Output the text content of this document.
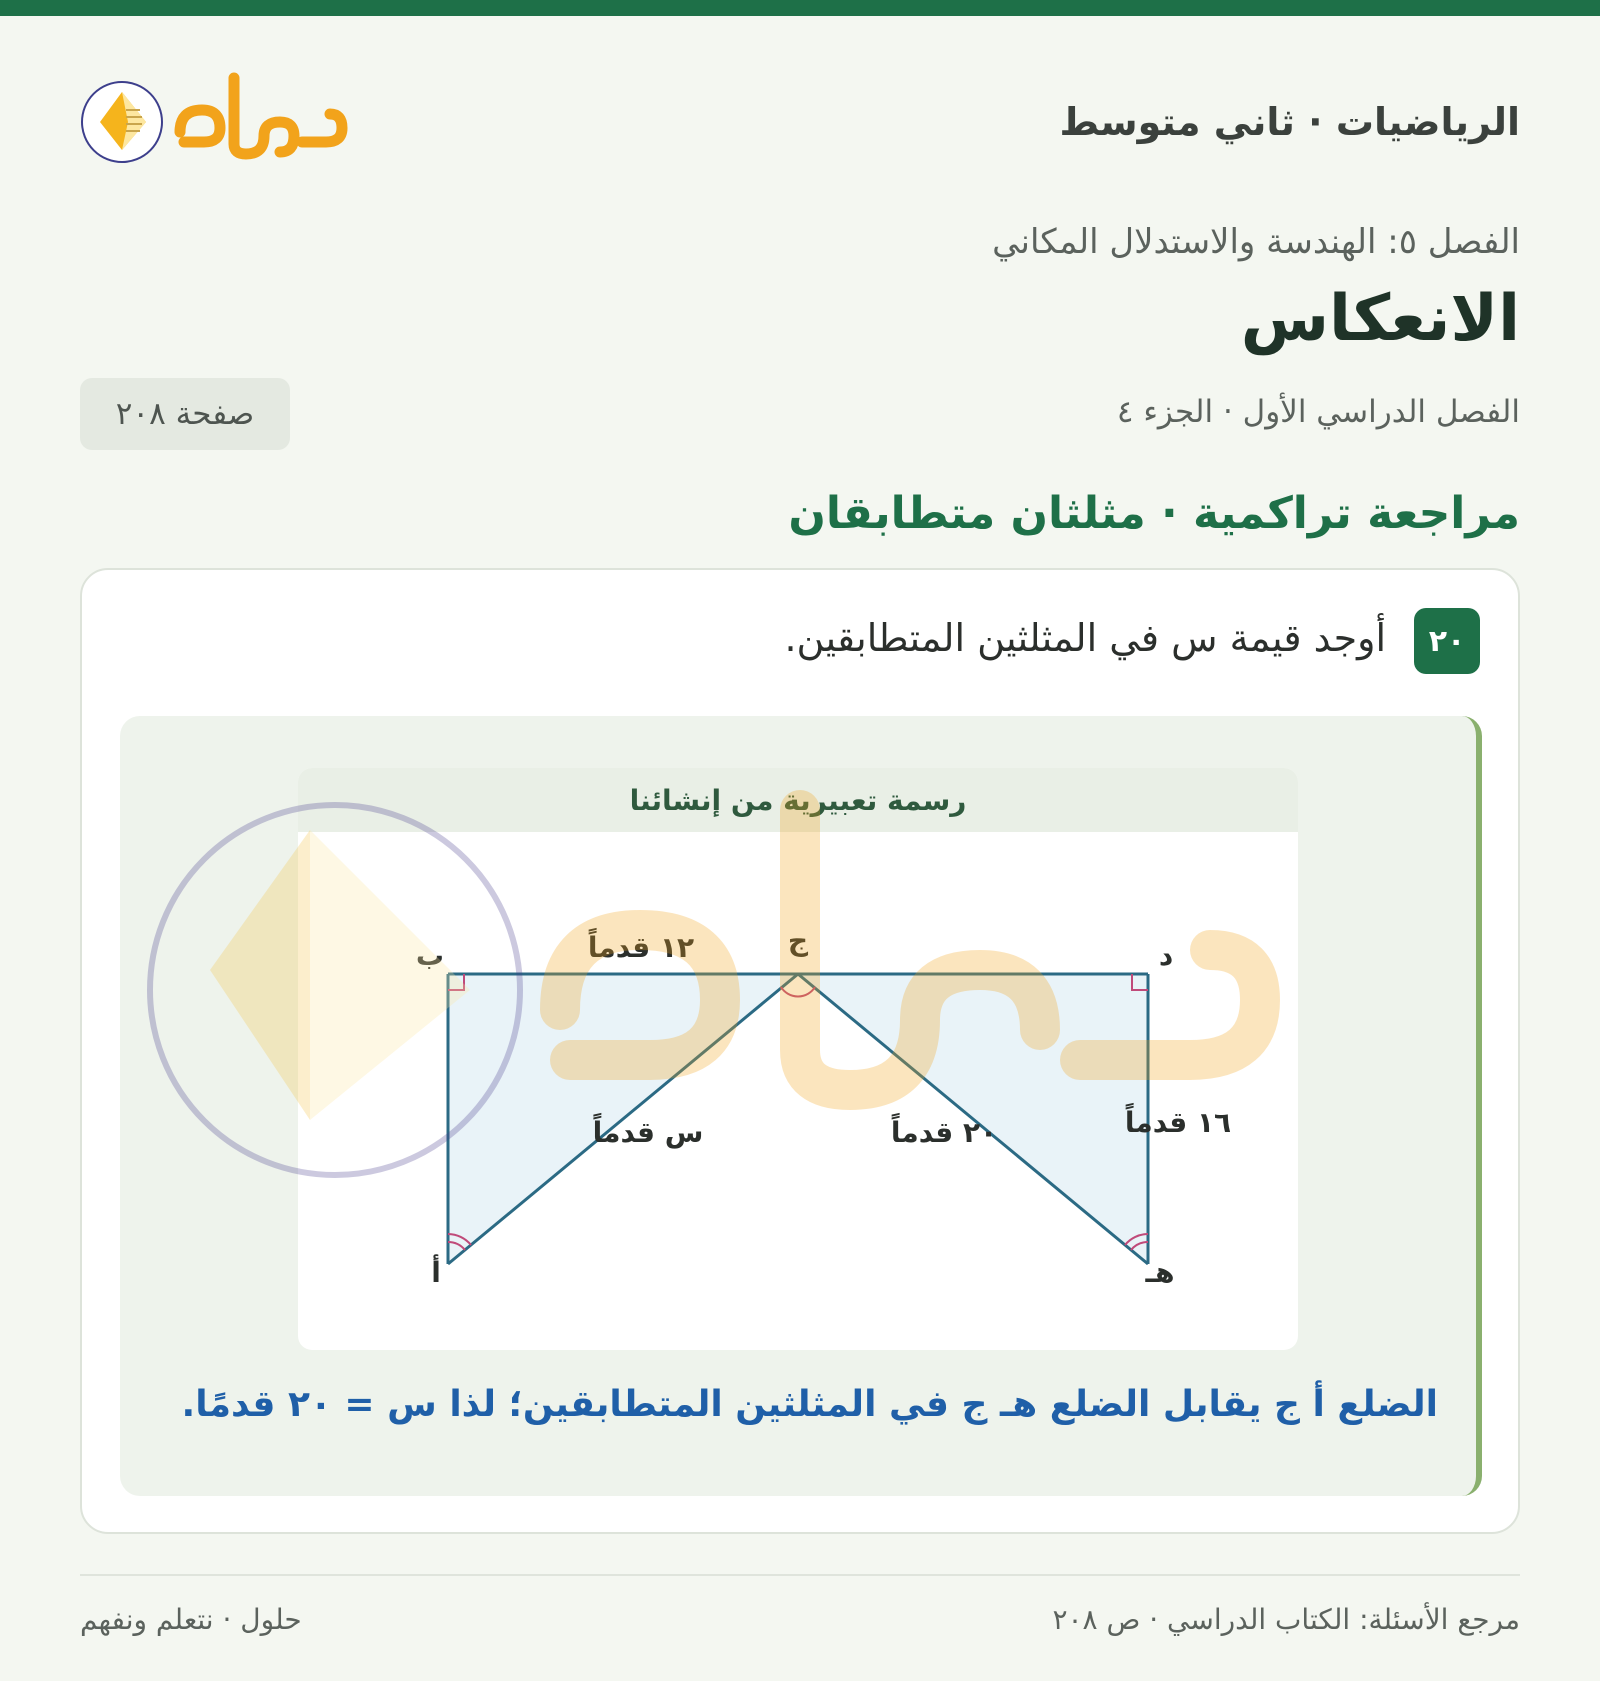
الرياضيات · ثاني متوسط
الفصل ٥: الهندسة والاستدلال المكاني
الانعكاس
الفصل الدراسي الأول · الجزء ٤
صفحة ٢٠٨
مراجعة تراكمية · مثلثان متطابقان
٢٠
أوجد قيمة س في المثلثين المتطابقين.
رسمة تعبيرية من إنشائنا
ب	ج	د
أ	هـ
١٢ قدماً
س قدماً	٢٠ قدماً	١٦ قدماً
الضلع أ ج يقابل الضلع هـ ج في المثلثين المتطابقين؛ لذا س = ٢٠ قدمًا.
مرجع الأسئلة: الكتاب الدراسي · ص ٢٠٨
حلول · نتعلم ونفهم
